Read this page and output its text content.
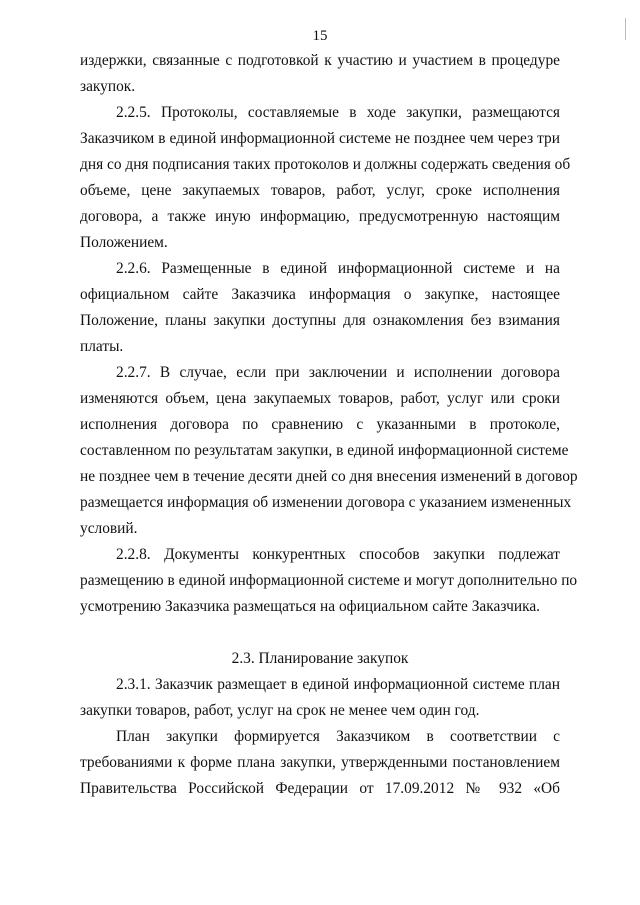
15

издержки, связанные с подготовкой к участию и участием в процедуре
закупок.

2.2.5. Протоколы, составляемые в ходе закупки, размещаются
Заказчиком в единой информационной системе не позднее чем через три
дня со дня подписания таких протоколов и должны содержать сведения об
объеме, цене закупаемых товаров, работ, услуг, сроке исполнения
договора, а также иную информацию, предусмотренную настоящим
Положением.

2.2.6. Размещенные в единой информационной системе и на
официальном сайте Заказчика информация о закупке, настоящее
Положение, планы закупки доступны для ознакомления без взимания
платы.

2.2.7. В случае, если при заключении и исполнении договора
изменяются объем, цена закупаемых товаров, работ, услуг или сроки
исполнения договора по сравнению с указанными в протоколе,
составленном по результатам закупки, в единой информационной системе
не позднее чем в течение десяти дней со дня внесения изменений в договор
размещается информация об изменении договора с указанием измененных
условий.

2.2.8. Документы конкурентных способов закупки подлежат
размещению в единой информационной системе и могут дополнительно по
усмотрению Заказчика размещаться на официальном сайте Заказчика.

2.3. Планирование закупок

2.3.1. Заказчик размещает в единой информационной системе план
закупки товаров, работ, услуг на срок не менее чем один год.

План закупки формируется Заказчиком в соответствии с
требованиями к форме плана закупки, утвержденными постановлением
Правительства Российской Федерации от 17.09.2012 № 932 «Об
